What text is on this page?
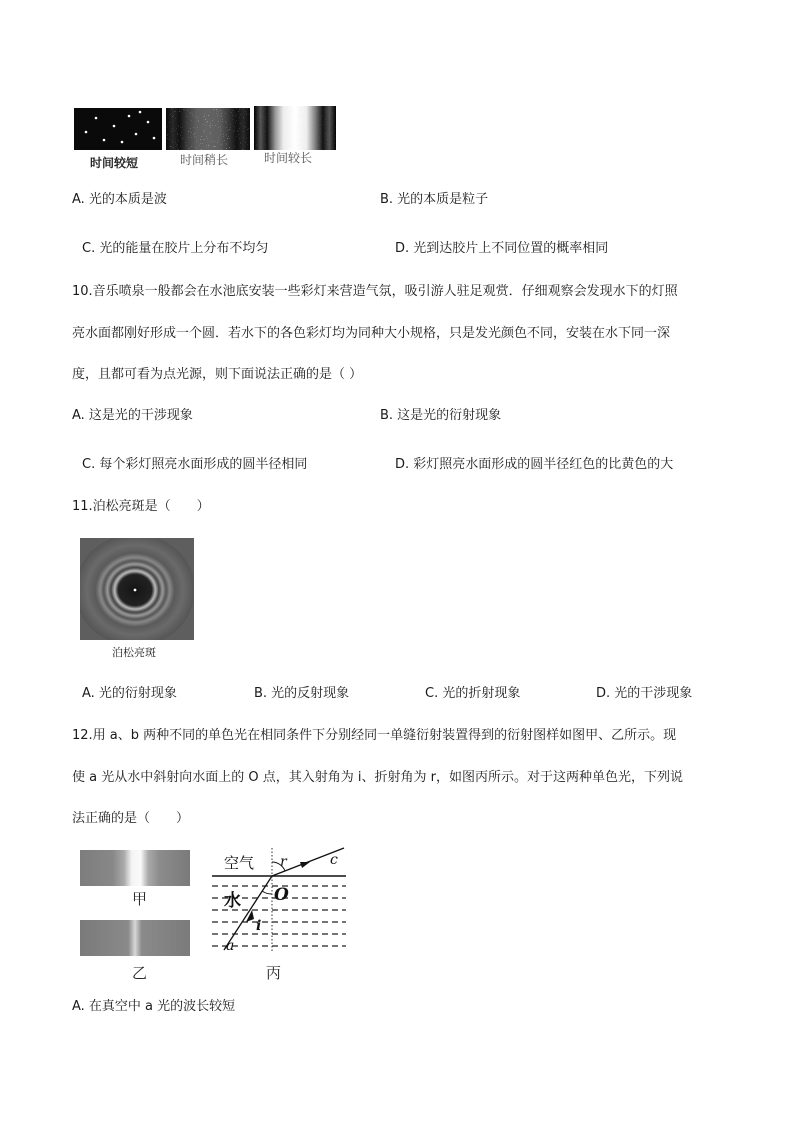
时间较短	时间稍长	时间较长
A. 光的本质是波	B. 光的本质是粒子
C. 光的能量在胶片上分布不均匀	D. 光到达胶片上不同位置的概率相同
10.音乐喷泉一般都会在水池底安装一些彩灯来营造气氛，吸引游人驻足观赏．仔细观察会发现水下的灯照
亮水面都刚好形成一个圆．若水下的各色彩灯均为同种大小规格，只是发光颜色不同，安装在水下同一深
度，且都可看为点光源，则下面说法正确的是（ ）
A. 这是光的干涉现象	B. 这是光的衍射现象
C. 每个彩灯照亮水面形成的圆半径相同	D. 彩灯照亮水面形成的圆半径红色的比黄色的大
11.泊松亮斑是（　　）
泊松亮斑
A. 光的衍射现象	B. 光的反射现象	C. 光的折射现象	D. 光的干涉现象
12.用 a、b 两种不同的单色光在相同条件下分别经同一单缝衍射装置得到的衍射图样如图甲、乙所示。现
使 a 光从水中斜射向水面上的 O 点，其入射角为 i、折射角为 r，如图丙所示。对于这两种单色光，下列说
法正确的是（　　）
甲
乙
空气 r	c
水 O
i
a
丙
A. 在真空中 a 光的波长较短
